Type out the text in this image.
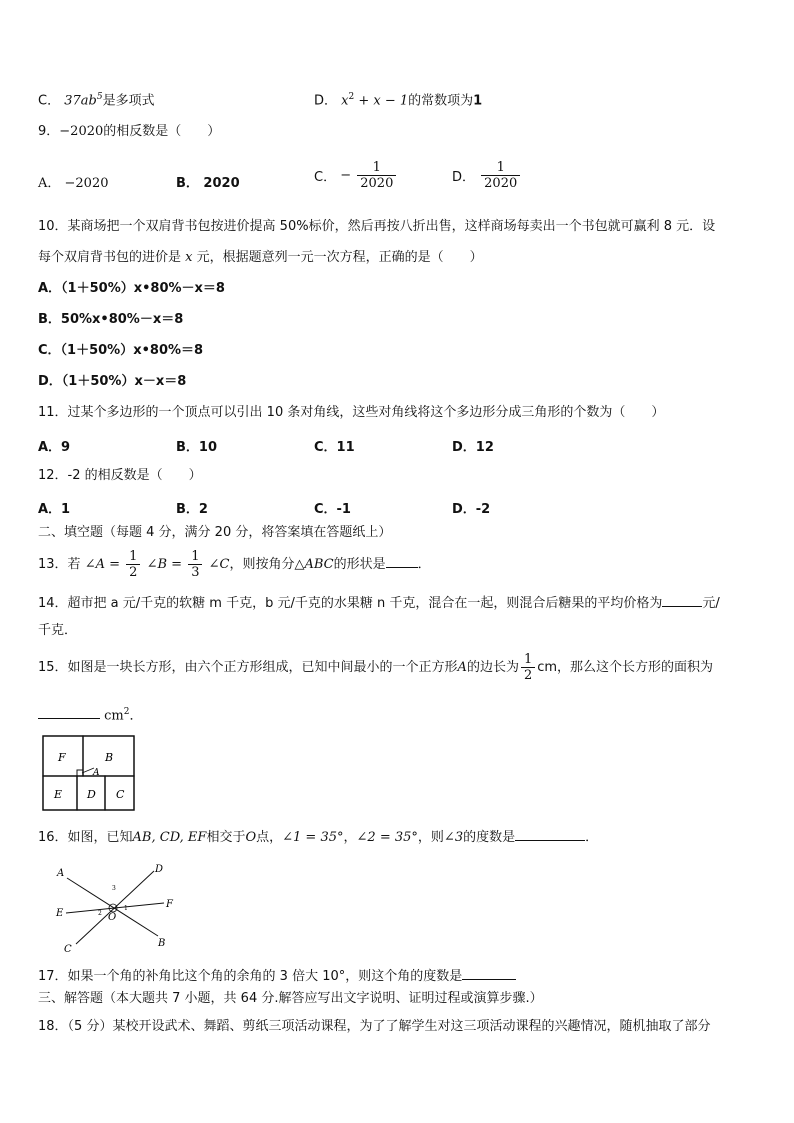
C． $37ab^5$是多项式	D． $x^2 + x - 1$的常数项为1
9．−2020的相反数是（　　）
A． −2020	B． 2020	C． − $\frac{1}{2020}$	D． $\frac{1}{2020}$
10．某商场把一个双肩背书包按进价提高 50%标价，然后再按八折出售，这样商场每卖出一个书包就可赢利 8 元．设
每个双肩背书包的进价是 x 元，根据题意列一元一次方程，正确的是（　　）
A．（1＋50%）x•80%－x＝8
B．50%x•80%－x＝8
C．（1＋50%）x•80%＝8
D．（1＋50%）x－x＝8
11．过某个多边形的一个顶点可以引出 10 条对角线，这些对角线将这个多边形分成三角形的个数为（　　）
A．9	B．10	C．11	D．12
12．-2 的相反数是（　　）
A．1	B．2	C．-1	D．-2
二、填空题（每题 4 分，满分 20 分，将答案填在答题纸上）
13．若 ∠A = $\frac{1}{2}$ ∠B = $\frac{1}{3}$ ∠C，则按角分△ABC的形状是 ．
14．超市把 a 元/千克的软糖 m 千克，b 元/千克的水果糖 n 千克，混合在一起，则混合后糖果的平均价格为	元/
千克．
15．如图是一块长方形，由六个正方形组成，已知中间最小的一个正方形A的边长为 $\frac{1}{2}$ cm，那么这个长方形的面积为
$cm^2$．
F	B
A
E D C
16．如图，已知AB, CD, EF相交于O点，∠1 = 35°，∠2 = 35°，则∠3的度数是	．
A	D
E
F
C
B
O
1
2
3
17．如果一个角的补角比这个角的余角的 3 倍大 10°，则这个角的度数是
三、解答题（本大题共 7 小题，共 64 分.解答应写出文字说明、证明过程或演算步骤.）
18．（5 分）某校开设武术、舞蹈、剪纸三项活动课程，为了了解学生对这三项活动课程的兴趣情况，随机抽取了部分
